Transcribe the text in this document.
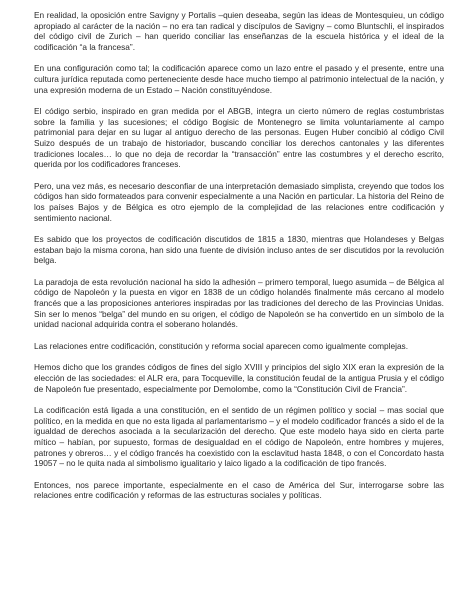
En realidad, la oposición entre Savigny y Portalis –quien deseaba, según las ideas de Montesquieu, un código apropiado al carácter de la nación – no era tan radical y discípulos de Savigny – como Bluntschli, el inspirados del código civil de Zurich – han querido conciliar las enseñanzas de la escuela histórica y el ideal de la codificación “a la francesa”.

En una configuración como tal; la codificación aparece como un lazo entre el pasado y el presente, entre una cultura jurídica reputada como perteneciente desde hace mucho tiempo al patrimonio intelectual de la nación, y una expresión moderna de un Estado – Nación constituyéndose.

El código serbio, inspirado en gran medida por el ABGB, integra un cierto número de reglas costumbristas sobre la familia y las sucesiones; el código Bogisic de Montenegro se limita voluntariamente al campo patrimonial para dejar en su lugar al antiguo derecho de las personas. Eugen Huber concibió al código Civil Suizo después de un trabajo de historiador, buscando conciliar los derechos cantonales y las diferentes tradiciones locales… lo que no deja de recordar la “transacción” entre las costumbres y el derecho escrito, querida por los codificadores franceses.

Pero, una vez más, es necesario desconfiar de una interpretación demasiado simplista, creyendo que todos los códigos han sido formateados para convenir especialmente a una Nación en particular. La historia del Reino de los países Bajos y de Bélgica es otro ejemplo de la complejidad de las relaciones entre codificación y sentimiento nacional.

Es sabido que los proyectos de codificación discutidos de 1815 a 1830, mientras que Holandeses y Belgas estaban bajo la misma corona, han sido una fuente de división incluso antes de ser discutidos por la revolución belga.

La paradoja de esta revolución nacional ha sido la adhesión – primero temporal, luego asumida – de Bélgica al código de Napoleón y la puesta en vigor en 1838 de un código holandés finalmente más cercano al modelo francés que a las proposiciones anteriores inspiradas por las tradiciones del derecho de las Provincias Unidas. Sin ser lo menos “belga” del mundo en su origen, el código de Napoleón se ha convertido en un símbolo de la unidad nacional adquirida contra el soberano holandés.

Las relaciones entre codificación, constitución y reforma social aparecen como igualmente complejas.

Hemos dicho que los grandes códigos de fines del siglo XVIII y principios del siglo XIX eran la expresión de la elección de las sociedades: el ALR era, para Tocqueville, la constitución feudal de la antigua Prusia y el código de Napoleón fue presentado, especialmente por Demolombe, como la “Constitución Civil de Francia”.

La codificación está ligada a una constitución, en el sentido de un régimen político y social – mas social que político, en la medida en que no esta ligada al parlamentarismo – y el modelo codificador francés a sido el de la igualdad de derechos asociada a la secularización del derecho. Que este modelo haya sido en cierta parte mítico – habían, por supuesto, formas de desigualdad en el código de Napoleón, entre hombres y mujeres, patrones y obreros… y el código francés ha coexistido con la esclavitud hasta 1848, o con el Concordato hasta 19057 – no le quita nada al simbolismo igualitario y laico ligado a la codificación de tipo francés.

Entonces, nos parece importante, especialmente en el caso de América del Sur, interrogarse sobre las relaciones entre codificación y reformas de las estructuras sociales y políticas.
